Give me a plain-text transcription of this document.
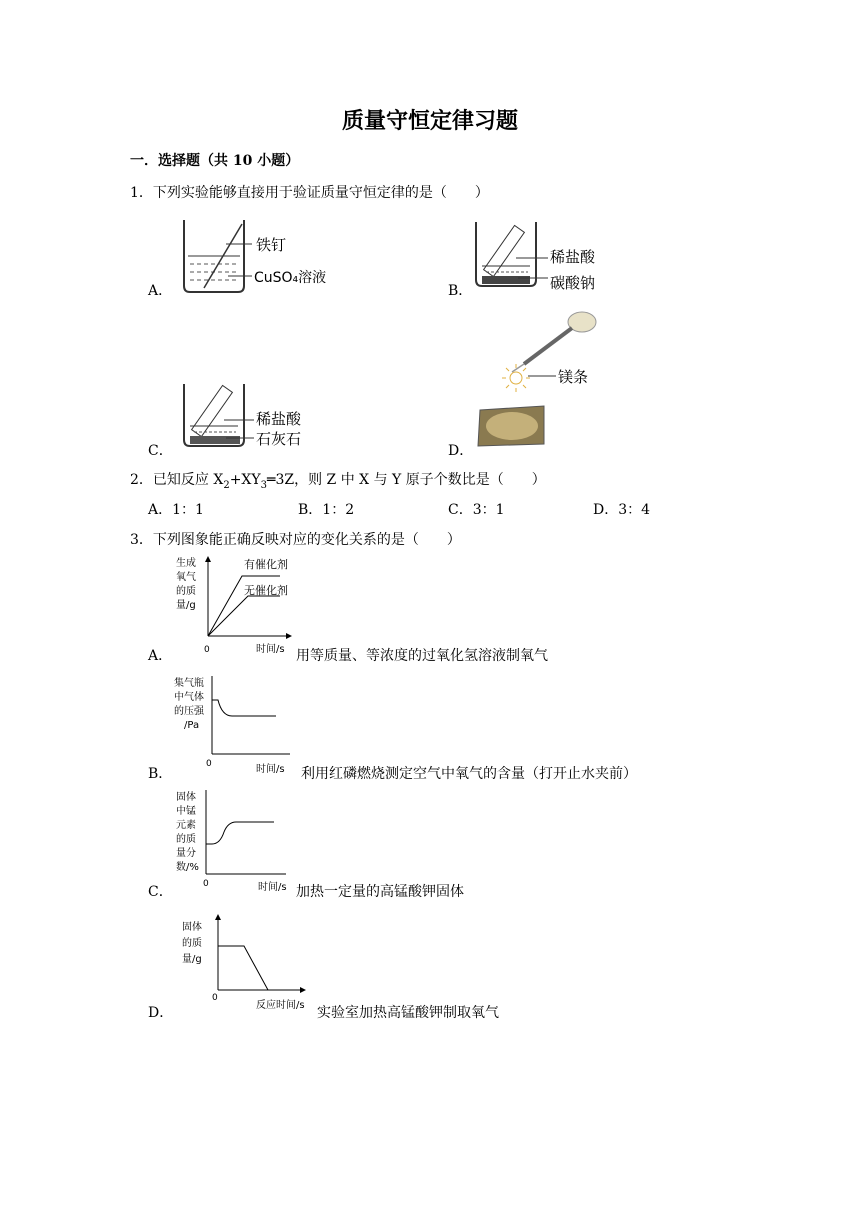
质量守恒定律习题
一．选择题（共 10 小题）
1．下列实验能够直接用于验证质量守恒定律的是（　　）
A．
铁钉
CuSO₄溶液
B．
稀盐酸
碳酸钠
C．
稀盐酸
石灰石
D．
镁条
2．已知反应 $X_2+XY_3═3Z$，则 Z 中 X 与 Y 原子个数比是（　　）
A．1：1	B．1：2	C．3：1	D．3：4
3．下列图象能正确反映对应的变化关系的是（　　）
A．
生成
氧气
的质
量/g
有催化剂
无催化剂
0	时间/s 用等质量、等浓度的过氧化氢溶液制氧气
B．
集气瓶
中气体
的压强
/Pa
0	时间/s 利用红磷燃烧测定空气中氧气的含量（打开止水夹前）
C．
固体
中锰
元素
的质
量分
数/%
0	时间/s 加热一定量的高锰酸钾固体
D．
固体
的质
量/g
0
反应时间/s 实验室加热高锰酸钾制取氧气
